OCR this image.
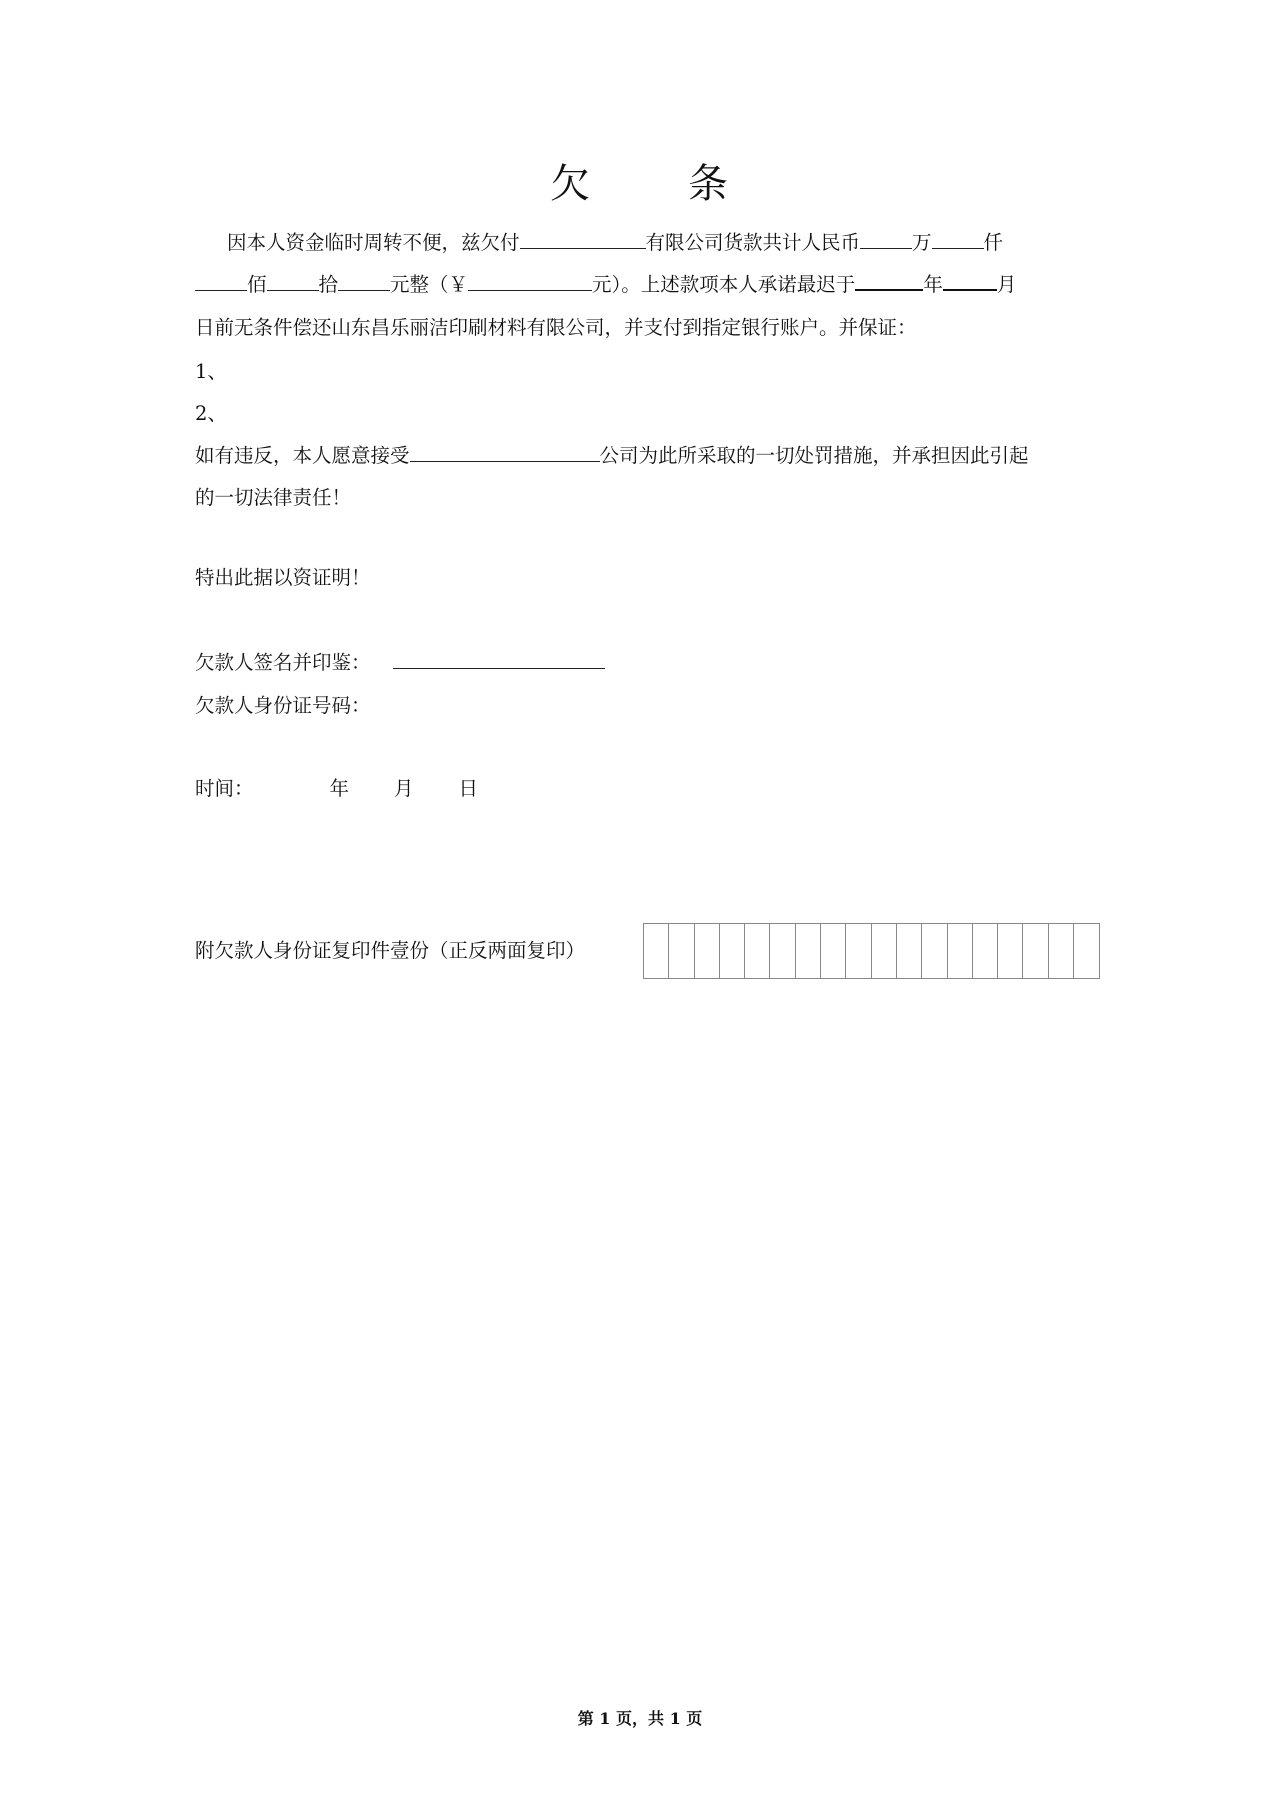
欠 条
因本人资金临时周转不便，兹欠付	有限公司货款共计人民币	万	仟
佰	拾	元整（￥	元）。上述款项本人承诺最迟于	年	月
日前无条件偿还山东昌乐丽洁印刷材料有限公司，并支付到指定银行账户。并保证：
1、
2、
如有违反，本人愿意接受	公司为此所采取的一切处罚措施，并承担因此引起
的一切法律责任！
特出此据以资证明！
欠款人签名并印鉴：
欠款人身份证号码：
时间：	年 月 日
附欠款人身份证复印件壹份（正反两面复印）
第 1 页，共 1 页
